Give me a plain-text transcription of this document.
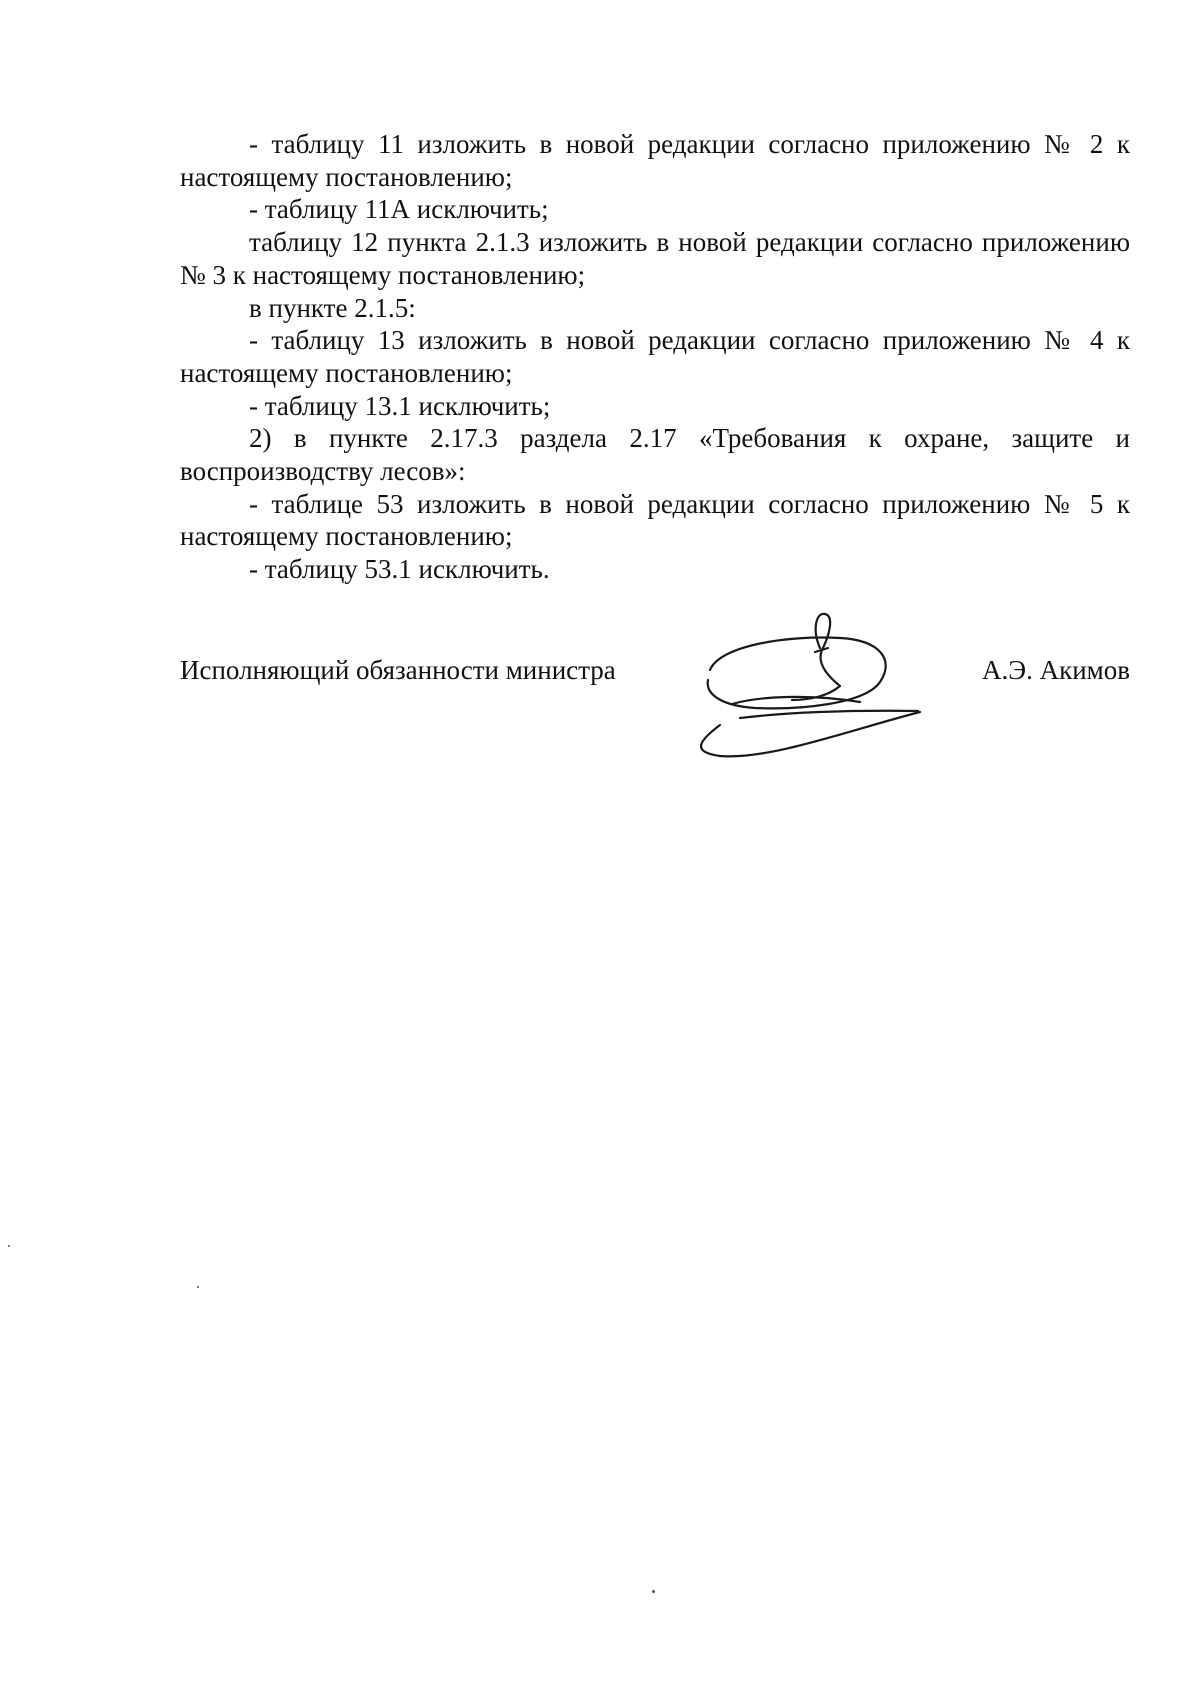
- таблицу 11 изложить в новой редакции согласно приложению № 2 к настоящему постановлению;

- таблицу 11А исключить;

таблицу 12 пункта 2.1.3 изложить в новой редакции согласно приложению № 3 к настоящему постановлению;

в пункте 2.1.5:

- таблицу 13 изложить в новой редакции согласно приложению № 4 к настоящему постановлению;

- таблицу 13.1 исключить;

2) в пункте 2.17.3 раздела 2.17 «Требования к охране, защите и воспроизводству лесов»:

- таблице 53 изложить в новой редакции согласно приложению № 5 к настоящему постановлению;

- таблицу 53.1 исключить.

Исполняющий обязанности министра	А.Э. Акимов
